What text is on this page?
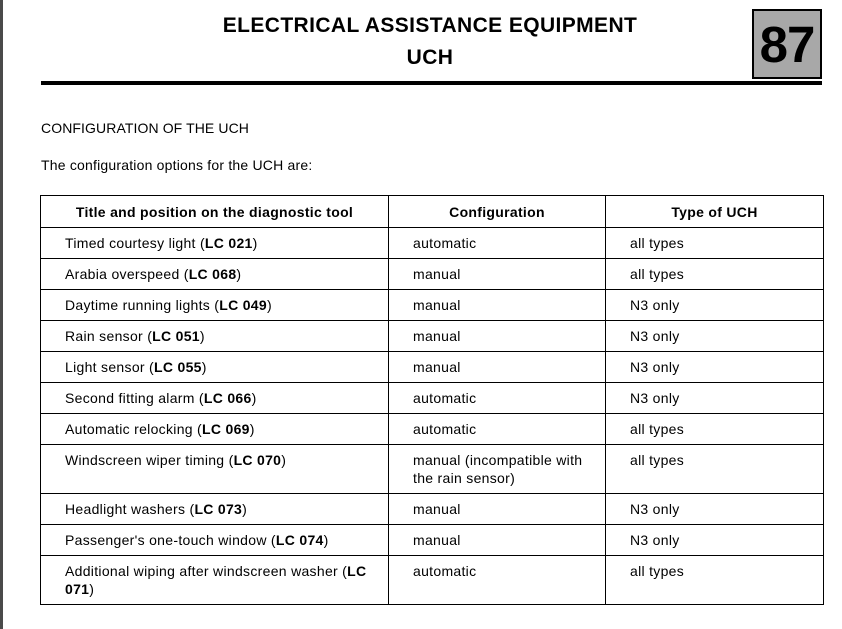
ELECTRICAL ASSISTANCE EQUIPMENT
UCH	87
CONFIGURATION OF THE UCH
The configuration options for the UCH are:
Title and position on the diagnostic tool	Configuration	Type of UCH
Timed courtesy light (LC 021)	automatic	all types
Arabia overspeed (LC 068)	manual	all types
Daytime running lights (LC 049)	manual	N3 only
Rain sensor (LC 051)	manual	N3 only
Light sensor (LC 055)	manual	N3 only
Second fitting alarm (LC 066)	automatic	N3 only
Automatic relocking (LC 069)	automatic	all types
Windscreen wiper timing (LC 070)	manual (incompatible with the rain sensor)	all types
Headlight washers (LC 073)	manual	N3 only
Passenger's one-touch window (LC 074)	manual	N3 only
Additional wiping after windscreen washer (LC 071)	automatic	all types
